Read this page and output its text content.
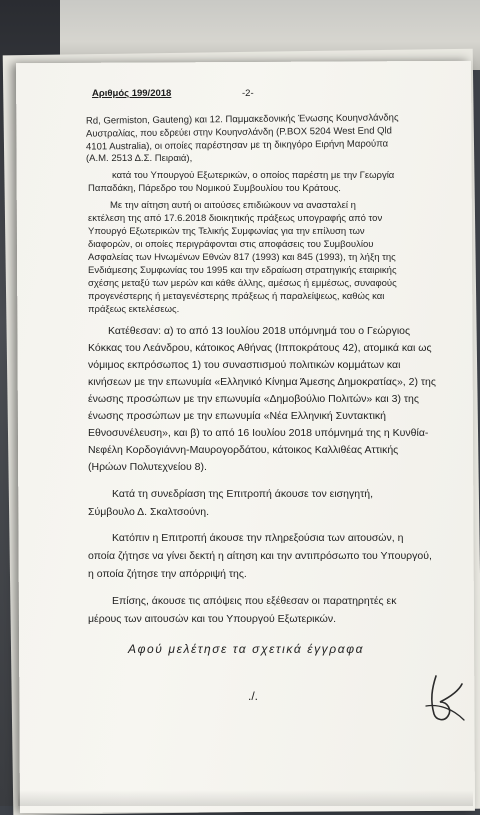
Αριθμός 199/2018	-2-
Rd, Germiston, Gauteng) και 12. Παμμακεδονικής Ένωσης Κουηνσλάνδης
Αυστραλίας, που εδρεύει στην Κουηνσλάνδη (P.BOX 5204 West End Qld
4101 Australia), οι οποίες παρέστησαν με τη δικηγόρο Ειρήνη Μαρούπα
(Α.Μ. 2513 Δ.Σ. Πειραιά),
κατά του Υπουργού Εξωτερικών, ο οποίος παρέστη με την Γεωργία
Παπαδάκη, Πάρεδρο του Νομικού Συμβουλίου του Κράτους.
Με την αίτηση αυτή οι αιτούσες επιδιώκουν να ανασταλεί η
εκτέλεση της από 17.6.2018 διοικητικής πράξεως υπογραφής από τον
Υπουργό Εξωτερικών της Τελικής Συμφωνίας για την επίλυση των
διαφορών, οι οποίες περιγράφονται στις αποφάσεις του Συμβουλίου
Ασφαλείας των Ηνωμένων Εθνών 817 (1993) και 845 (1993), τη λήξη της
Ενδιάμεσης Συμφωνίας του 1995 και την εδραίωση στρατηγικής εταιρικής
σχέσης μεταξύ των μερών και κάθε άλλης, αμέσως ή εμμέσως, συναφούς
προγενέστερης ή μεταγενέστερης πράξεως ή παραλείψεως, καθώς και
πράξεως εκτελέσεως.
Κατέθεσαν: α) το από 13 Ιουλίου 2018 υπόμνημά του ο Γεώργιος
Κόκκας του Λεάνδρου, κάτοικος Αθήνας (Ιπποκράτους 42), ατομικά και ως
νόμιμος εκπρόσωπος 1) του συνασπισμού πολιτικών κομμάτων και
κινήσεων με την επωνυμία «Ελληνικό Κίνημα Άμεσης Δημοκρατίας», 2) της
ένωσης προσώπων με την επωνυμία «Δημοβούλιο Πολιτών» και 3) της
ένωσης προσώπων με την επωνυμία «Νέα Ελληνική Συντακτική
Εθνοσυνέλευση», και β) το από 16 Ιουλίου 2018 υπόμνημά της η Κυνθία-
Νεφέλη Κορδογιάννη-Μαυρογορδάτου, κάτοικος Καλλιθέας Αττικής
(Ηρώων Πολυτεχνείου 8).
Κατά τη συνεδρίαση της Επιτροπή άκουσε τον εισηγητή,
Σύμβουλο Δ. Σκαλτσούνη.
Κατόπιν η Επιτροπή άκουσε την πληρεξούσια των αιτουσών, η
οποία ζήτησε να γίνει δεκτή η αίτηση και την αντιπρόσωπο του Υπουργού,
η οποία ζήτησε την απόρριψή της.
Επίσης, άκουσε τις απόψεις που εξέθεσαν οι παρατηρητές εκ
μέρους των αιτουσών και του Υπουργού Εξωτερικών.
Αφού μελέτησε τα σχετικά έγγραφα
./.
